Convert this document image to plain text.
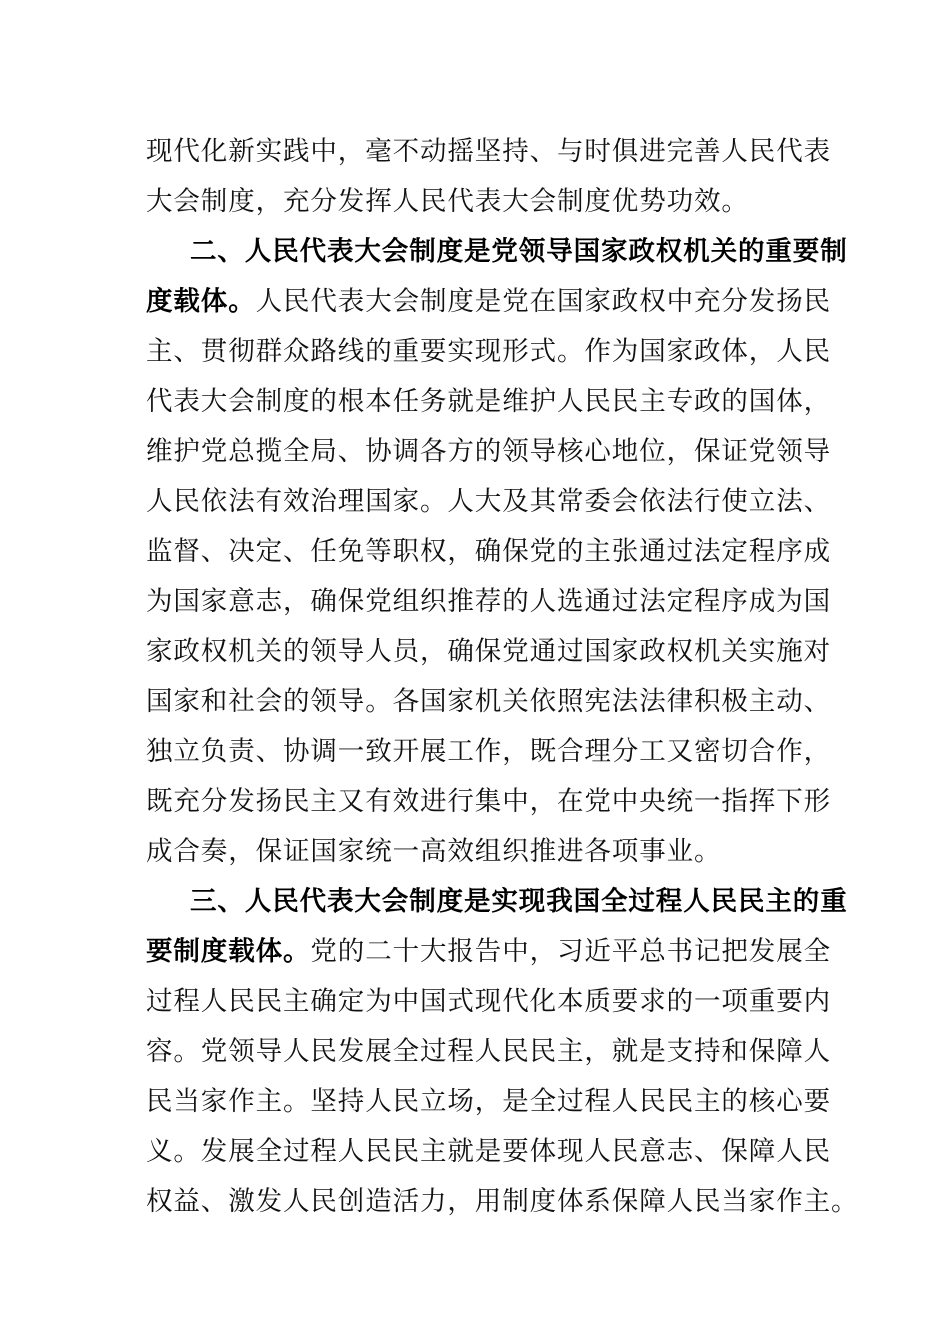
现代化新实践中，毫不动摇坚持、与时俱进完善人民代表
大会制度，充分发挥人民代表大会制度优势功效。
二、人民代表大会制度是党领导国家政权机关的重要制
度载体。人民代表大会制度是党在国家政权中充分发扬民
主、贯彻群众路线的重要实现形式。作为国家政体，人民
代表大会制度的根本任务就是维护人民民主专政的国体，
维护党总揽全局、协调各方的领导核心地位，保证党领导
人民依法有效治理国家。人大及其常委会依法行使立法、
监督、决定、任免等职权，确保党的主张通过法定程序成
为国家意志，确保党组织推荐的人选通过法定程序成为国
家政权机关的领导人员，确保党通过国家政权机关实施对
国家和社会的领导。各国家机关依照宪法法律积极主动、
独立负责、协调一致开展工作，既合理分工又密切合作，
既充分发扬民主又有效进行集中，在党中央统一指挥下形
成合奏，保证国家统一高效组织推进各项事业。
三、人民代表大会制度是实现我国全过程人民民主的重
要制度载体。党的二十大报告中，习近平总书记把发展全
过程人民民主确定为中国式现代化本质要求的一项重要内
容。党领导人民发展全过程人民民主，就是支持和保障人
民当家作主。坚持人民立场，是全过程人民民主的核心要
义。发展全过程人民民主就是要体现人民意志、保障人民
权益、激发人民创造活力，用制度体系保障人民当家作主。
